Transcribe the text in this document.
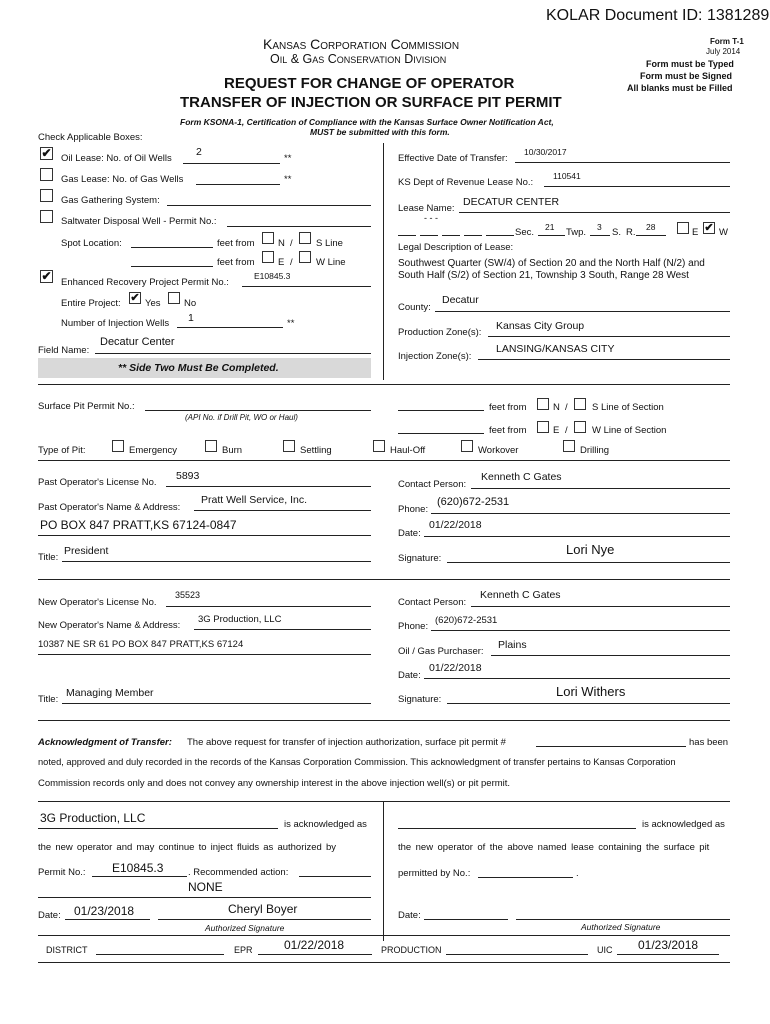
KOLAR Document ID: 1381289
Kansas Corporation Commission
Oil & Gas Conservation Division
Form T-1
July 2014
Form must be Typed
Form must be Signed
All blanks must be Filled
REQUEST FOR CHANGE OF OPERATOR
TRANSFER OF INJECTION OR SURFACE PIT PERMIT
Form KSONA-1, Certification of Compliance with the Kansas Surface Owner Notification Act,
MUST be submitted with this form.
Check Applicable Boxes:
✔ Oil Lease: No. of Oil Wells
2
**
Gas Lease: No. of Gas Wells	**
Gas Gathering System:
Saltwater Disposal Well - Permit No.:
Spot Location:	feet from N / S Line
feet from E / W Line
✔ Enhanced Recovery Project Permit No.:
E10845.3
Entire Project: ✔ Yes No
Number of Injection Wells 1	**
Field Name:
Decatur Center
** Side Two Must Be Completed.
Effective Date of Transfer:
10/30/2017
KS Dept of Revenue Lease No.:
110541
Lease Name:
DECATUR CENTER
- - -
Sec. 21 Twp. 3 S. R. 28	E ✔ W
Legal Description of Lease:
Southwest Quarter (SW/4) of Section 20 and the North Half (N/2) and
South Half (S/2) of Section 21, Township 3 South, Range 28 West
County:
Decatur
Production Zone(s):
Kansas City Group
Injection Zone(s):
LANSING/KANSAS CITY
Surface Pit Permit No.:
(API No. if Drill Pit, WO or Haul)
feet from	N /	S Line of Section
feet from	E /	W Line of Section
Type of Pit:	Emergency	Burn	Settling	Haul-Off	Workover	Drilling
Past Operator's License No.
5893
Past Operator's Name & Address:
Pratt Well Service, Inc.
PO BOX 847 PRATT,KS 67124-0847
Title:
President
Contact Person:
Kenneth C Gates
Phone:
(620)672-2531
Date:
01/22/2018
Signature:
Lori Nye
New Operator's License No.
35523
New Operator's Name & Address:
3G Production, LLC
10387 NE SR 61 PO BOX 847 PRATT,KS 67124
Title:
Managing Member
Contact Person:
Kenneth C Gates
Phone:
(620)672-2531
Oil / Gas Purchaser:
Plains
Date:
01/22/2018
Signature:
Lori Withers
Acknowledgment of Transfer: The above request for transfer of injection authorization, surface pit permit #	has been
noted, approved and duly recorded in the records of the Kansas Corporation Commission. This acknowledgment of transfer pertains to Kansas Corporation
Commission records only and does not convey any ownership interest in the above injection well(s) or pit permit.
3G Production, LLC	is acknowledged as
the new operator and may continue to inject fluids as authorized by
Permit No.: E10845.3	. Recommended action:
NONE
Date: 01/23/2018	Cheryl Boyer
Authorized Signature
is acknowledged as
the new operator of the above named lease containing the surface pit
permitted by No.:	.
Date:
Authorized Signature
DISTRICT	EPR	01/22/2018	PRODUCTION	UIC 01/23/2018
